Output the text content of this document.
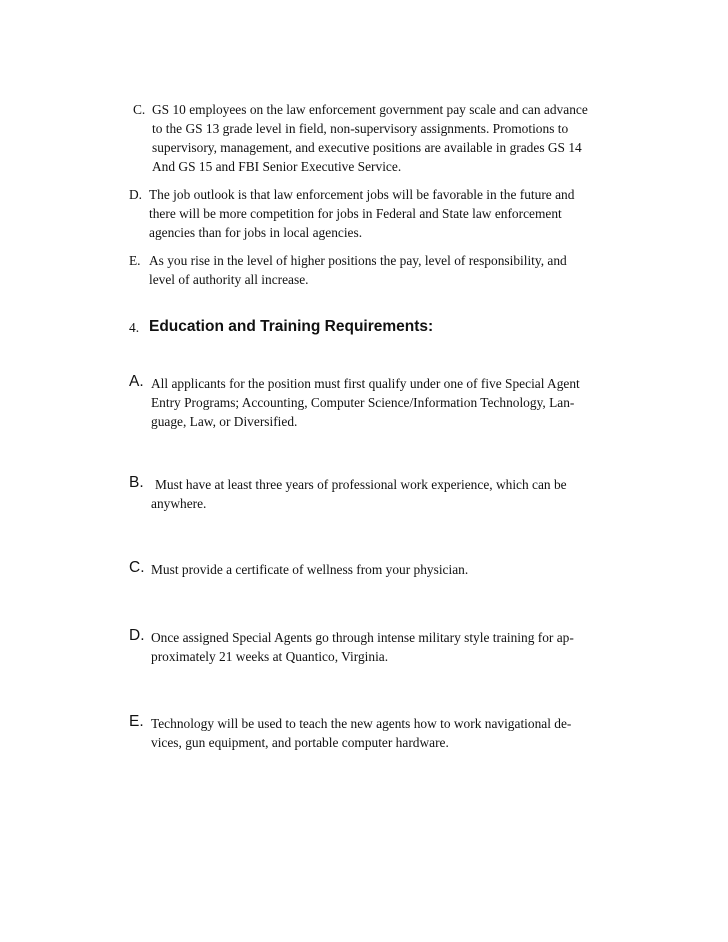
C. GS 10 employees on the law enforcement government pay scale and can advance
to the GS 13 grade level in field, non-supervisory assignments. Promotions to
supervisory, management, and executive positions are available in grades GS 14
And GS 15 and FBI Senior Executive Service.
D. The job outlook is that law enforcement jobs will be favorable in the future and
there will be more competition for jobs in Federal and State law enforcement
agencies than for jobs in local agencies.
E. As you rise in the level of higher positions the pay, level of responsibility, and
level of authority all increase.
4. Education and Training Requirements:
A. All applicants for the position must first qualify under one of five Special Agent
Entry Programs; Accounting, Computer Science/Information Technology, Lan-
guage, Law, or Diversified.
B. Must have at least three years of professional work experience, which can be
anywhere.
C. Must provide a certificate of wellness from your physician.
D. Once assigned Special Agents go through intense military style training for ap-
proximately 21 weeks at Quantico, Virginia.
E. Technology will be used to teach the new agents how to work navigational de-
vices, gun equipment, and portable computer hardware.
